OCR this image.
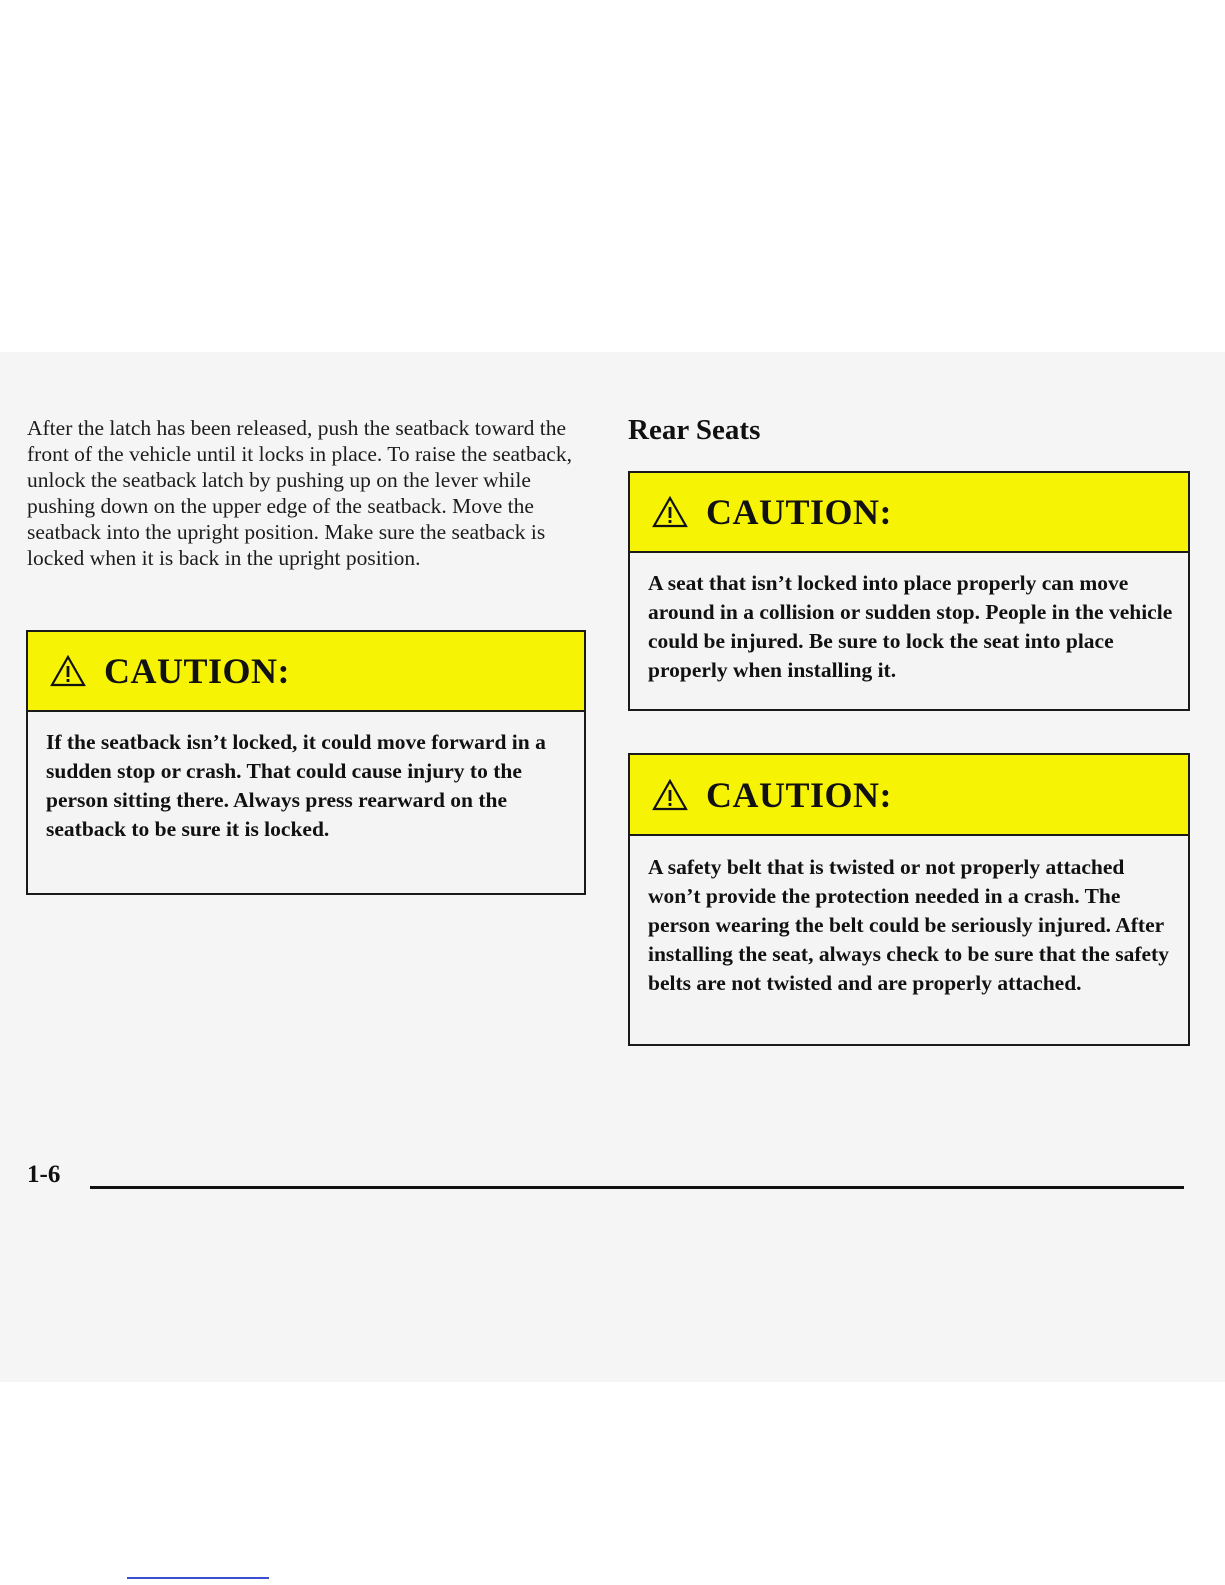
After the latch has been released, push the seatback toward the front of the vehicle until it locks in place. To raise the seatback, unlock the seatback latch by pushing up on the lever while pushing down on the upper edge of the seatback. Move the seatback into the upright position. Make sure the seatback is locked when it is back in the upright position.

CAUTION:

If the seatback isn’t locked, it could move forward in a sudden stop or crash. That could cause injury to the person sitting there. Always press rearward on the seatback to be sure it is locked.

Rear Seats
CAUTION:

A seat that isn’t locked into place properly can move around in a collision or sudden stop. People in the vehicle could be injured. Be sure to lock the seat into place properly when installing it.

CAUTION:

A safety belt that is twisted or not properly attached won’t provide the protection needed in a crash. The person wearing the belt could be seriously injured. After installing the seat, always check to be sure that the safety belts are not twisted and are properly attached.

1-6
